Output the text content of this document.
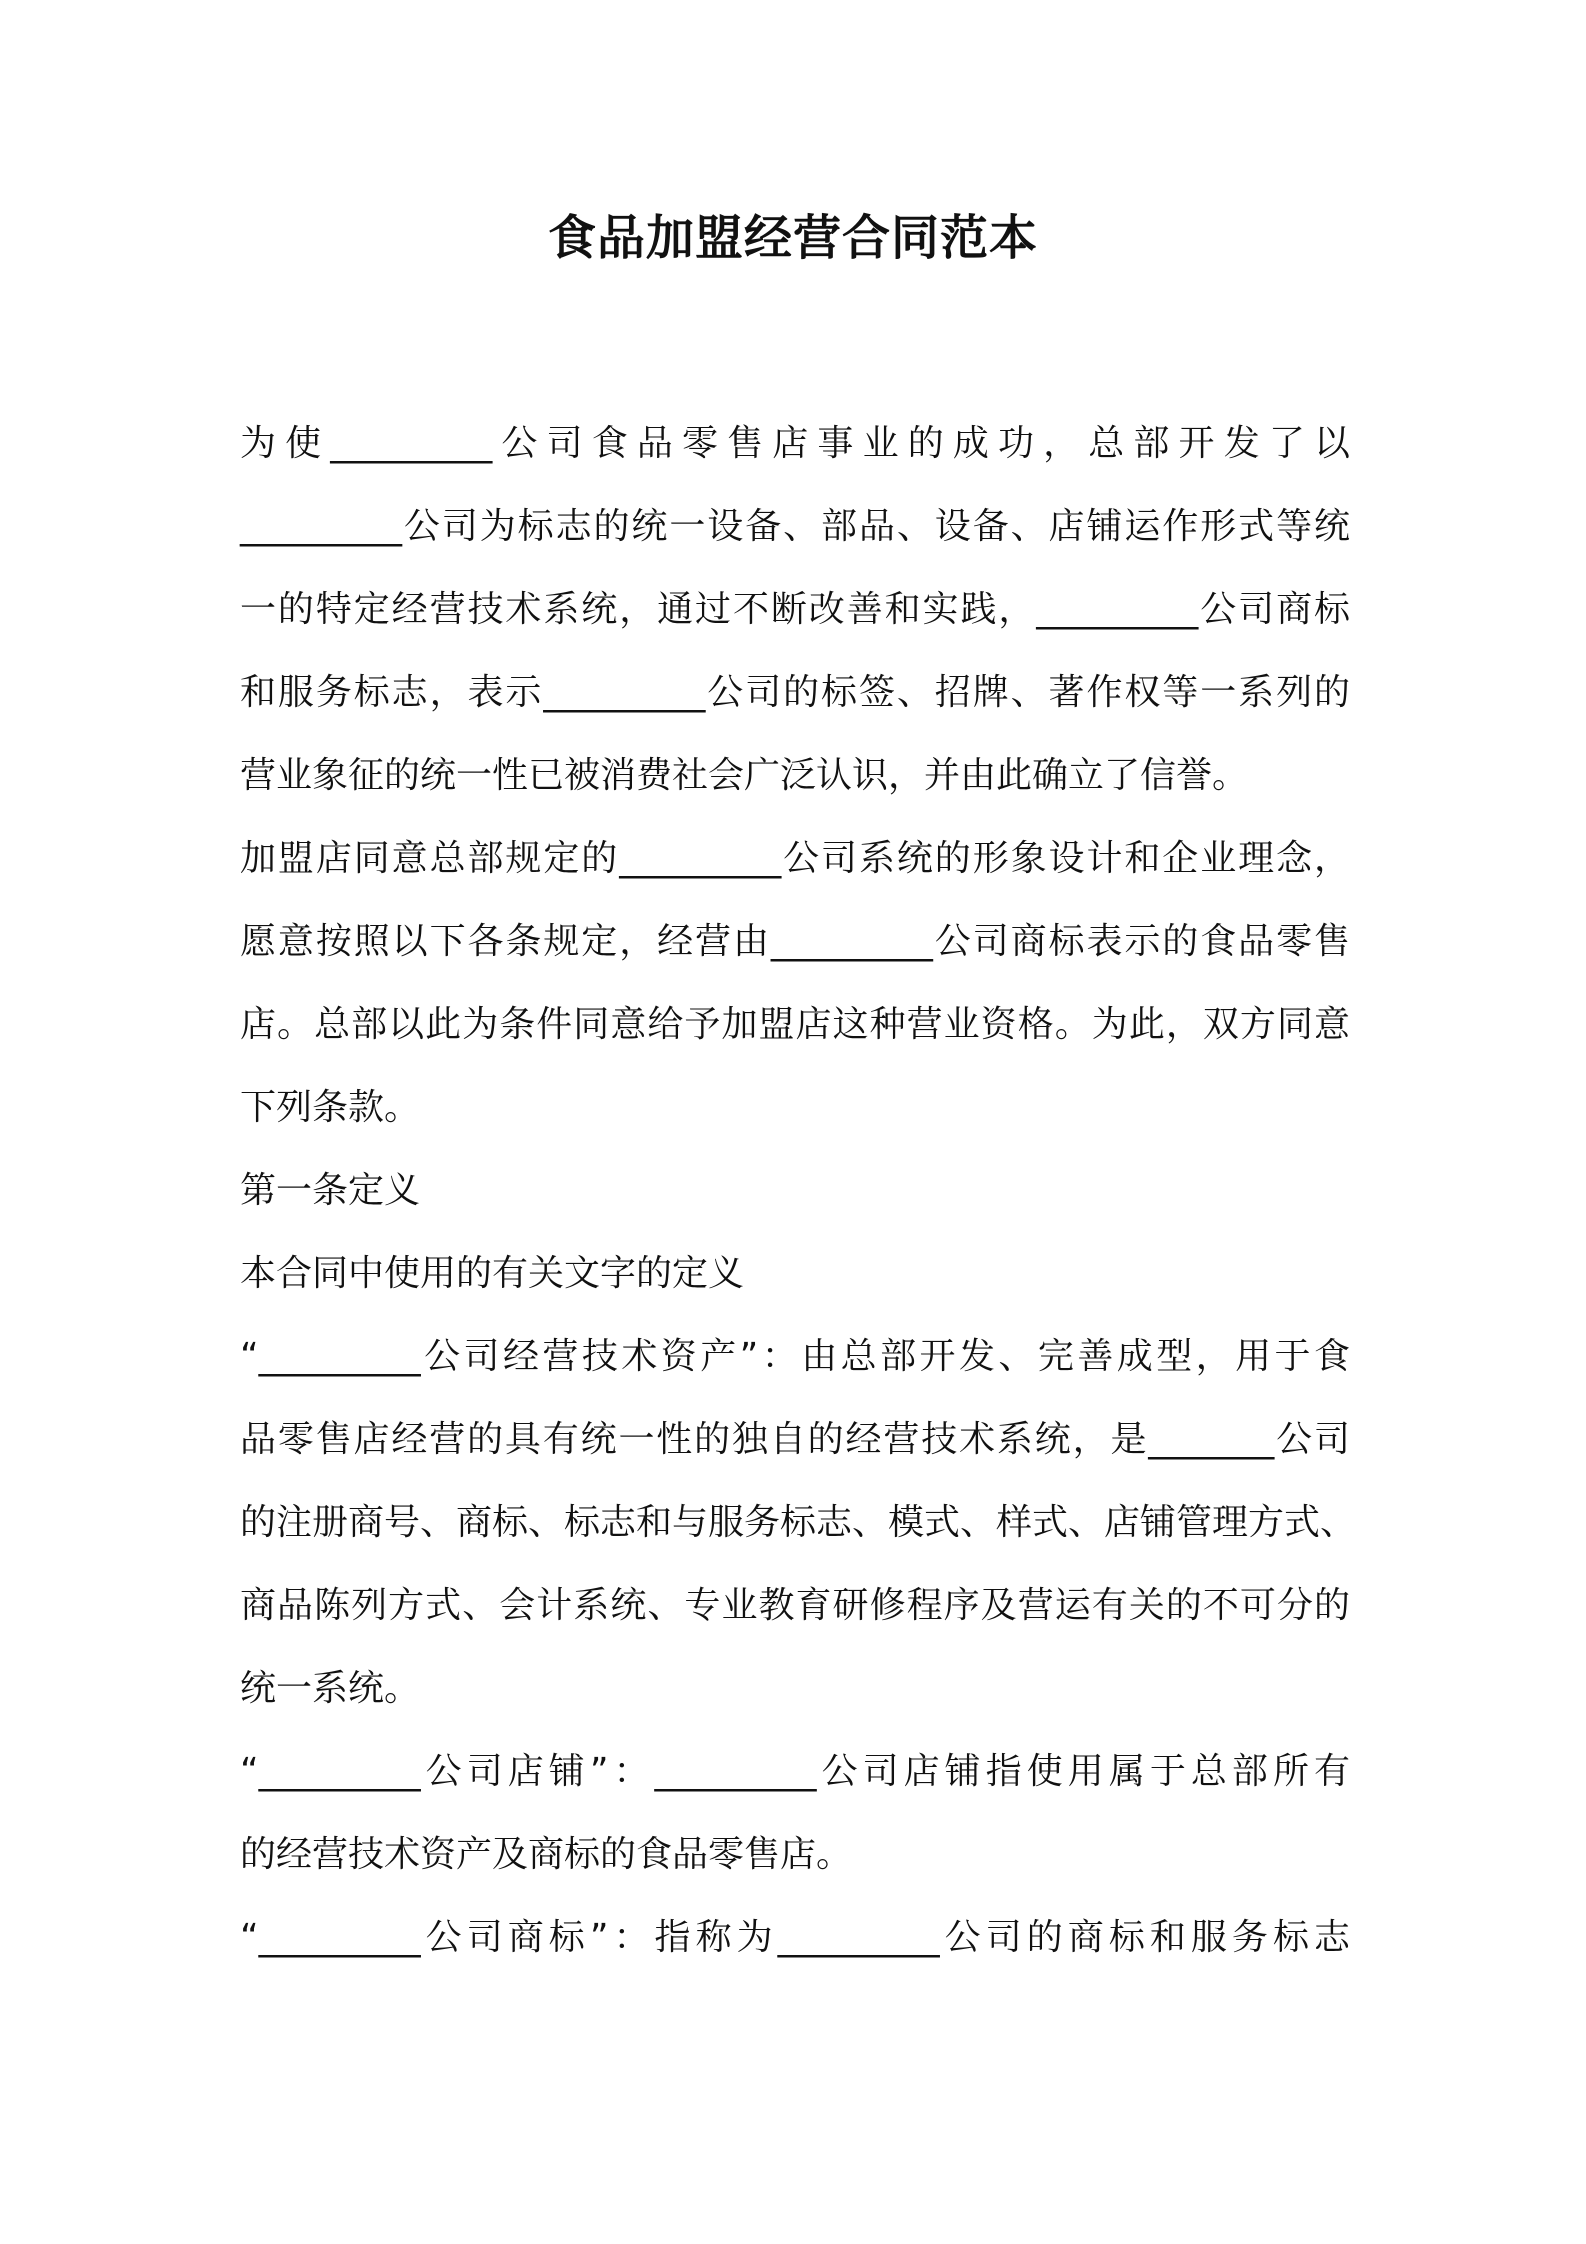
食品加盟经营合同范本
为使_________公司食品零售店事业的成功，总部开发了以
_________公司为标志的统一设备、部品、设备、店铺运作形式等统
一的特定经营技术系统，通过不断改善和实践，_________公司商标
和服务标志，表示_________公司的标签、招牌、著作权等一系列的
营业象征的统一性已被消费社会广泛认识，并由此确立了信誉。
加盟店同意总部规定的_________公司系统的形象设计和企业理念，
愿意按照以下各条规定，经营由_________公司商标表示的食品零售
店。总部以此为条件同意给予加盟店这种营业资格。为此，双方同意
下列条款。
第一条定义
本合同中使用的有关文字的定义
“_________公司经营技术资产”：由总部开发、完善成型，用于食
品零售店经营的具有统一性的独自的经营技术系统，是_______公司
的注册商号、商标、标志和与服务标志、模式、样式、店铺管理方式、
商品陈列方式、会计系统、专业教育研修程序及营运有关的不可分的
统一系统。
“_________公司店铺”：_________公司店铺指使用属于总部所有
的经营技术资产及商标的食品零售店。
“_________公司商标”：指称为_________公司的商标和服务标志
